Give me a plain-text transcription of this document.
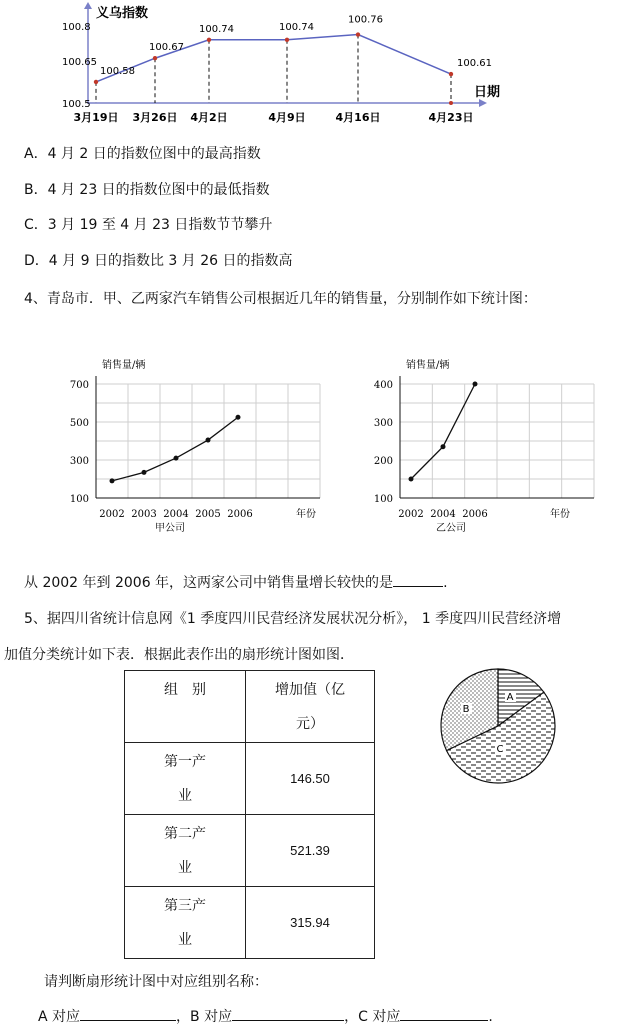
义乌指数
日期
100.8
100.65
100.5
100.58
100.67
100.74	100.74
100.76
100.61
3月19日 3月26日 4月2日	4月9日	4月16日	4月23日
A．4 月 2 日的指数位图中的最高指数
B．4 月 23 日的指数位图中的最低指数
C．3 月 19 至 4 月 23 日指数节节攀升
D．4 月 9 日的指数比 3 月 26 日的指数高
4、青岛市．甲、乙两家汽车销售公司根据近几年的销售量，分别制作如下统计图：
销售量/辆
年份
700
500
300
100
2002 2003 2004 2005 2006
甲公司
销售量/辆
年份
400
300
200
100
2002 2004 2006
乙公司
从 2002 年到 2006 年，这两家公司中销售量增长较快的是	.
5、据四川省统计信息网《1 季度四川民营经济发展状况分析》， 1 季度四川民营经济增
加值分类统计如下表．根据此表作出的扇形统计图如图．
组　别	增加值（亿
元）
第一产
业	146.50
第二产
业	521.39
第三产
业	315.94
A
B
C
请判断扇形统计图中对应组别名称：
A 对应	，B 对应	，C 对应	.
